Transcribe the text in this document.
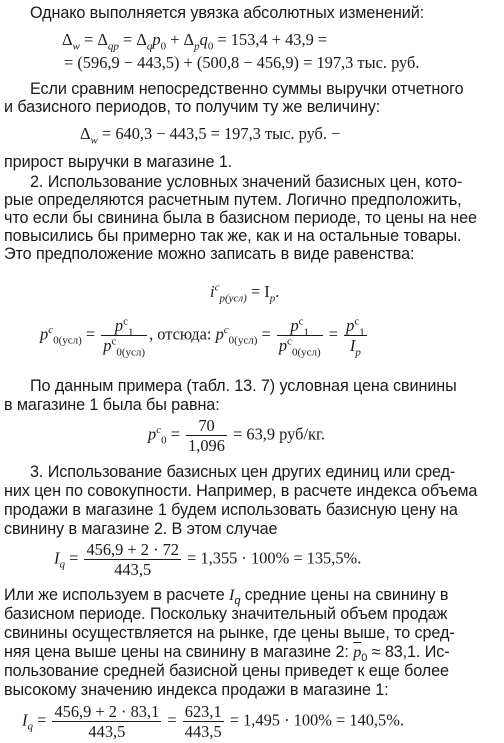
Однако выполняется увязка абсолютных изменений:
$\Delta_w = \Delta_{qp} = \Delta_qp_0 + \Delta_pq_0 = 153,4 + 43,9$ =
= (596,9 − 443,5) + (500,8 − 456,9) = 197,3 тыс. руб.
Если сравним непосредственно суммы выручки отчетного
и базисного периодов, то получим ту же величину:
$\Delta_w = 640,3 - 443,5 = 197,3$ тыс. руб. −
прирост выручки в магазине 1.
2. Использование условных значений базисных цен, кото-
рые определяются расчетным путем. Логично предположить,
что если бы свинина была в базисном периоде, то цены на нее
повысились бы примерно так же, как и на остальные товары.
Это предположение можно записать в виде равенства:
$i^c_{p(усл)} = I_p$.
$p^c_{0(усл)} = \frac{p^c_1}{p^c_{0(усл)}}$ , отсюда: $p^c_{0(усл)} = \frac{p^c_1}{p^c_{0(усл)}} = \frac{p^c_1}{I_p}$
По данным примера (табл. 13. 7) условная цена свинины
в магазине 1 была бы равна:
$p^c_0 = \frac{70}{1,096} = 63,9$ руб/кг.
3. Использование базисных цен других единиц или сред-
них цен по совокупности. Например, в расчете индекса объема
продажи в магазине 1 будем использовать базисную цену на
свинину в магазине 2. В этом случае
$I_q = \frac{456,9 + 2 \cdot 72}{443,5} = 1,355 \cdot 100\% = 135,5\%$.
Или же используем в расчете $I_q$ средние цены на свинину в
базисном периоде. Поскольку значительный объем продаж
свинины осуществляется на рынке, где цены выше, то сред-
няя цена выше цены на свинину в магазине 2: $\overline{p}_0 \approx 83,1$. Ис-
пользование средней базисной цены приведет к еще более
высокому значению индекса продажи в магазине 1:
$I_q = \frac{456,9 + 2 \cdot 83,1}{443,5} = \frac{623,1}{443,5} = 1,495 \cdot 100\% = 140,5\%$.
